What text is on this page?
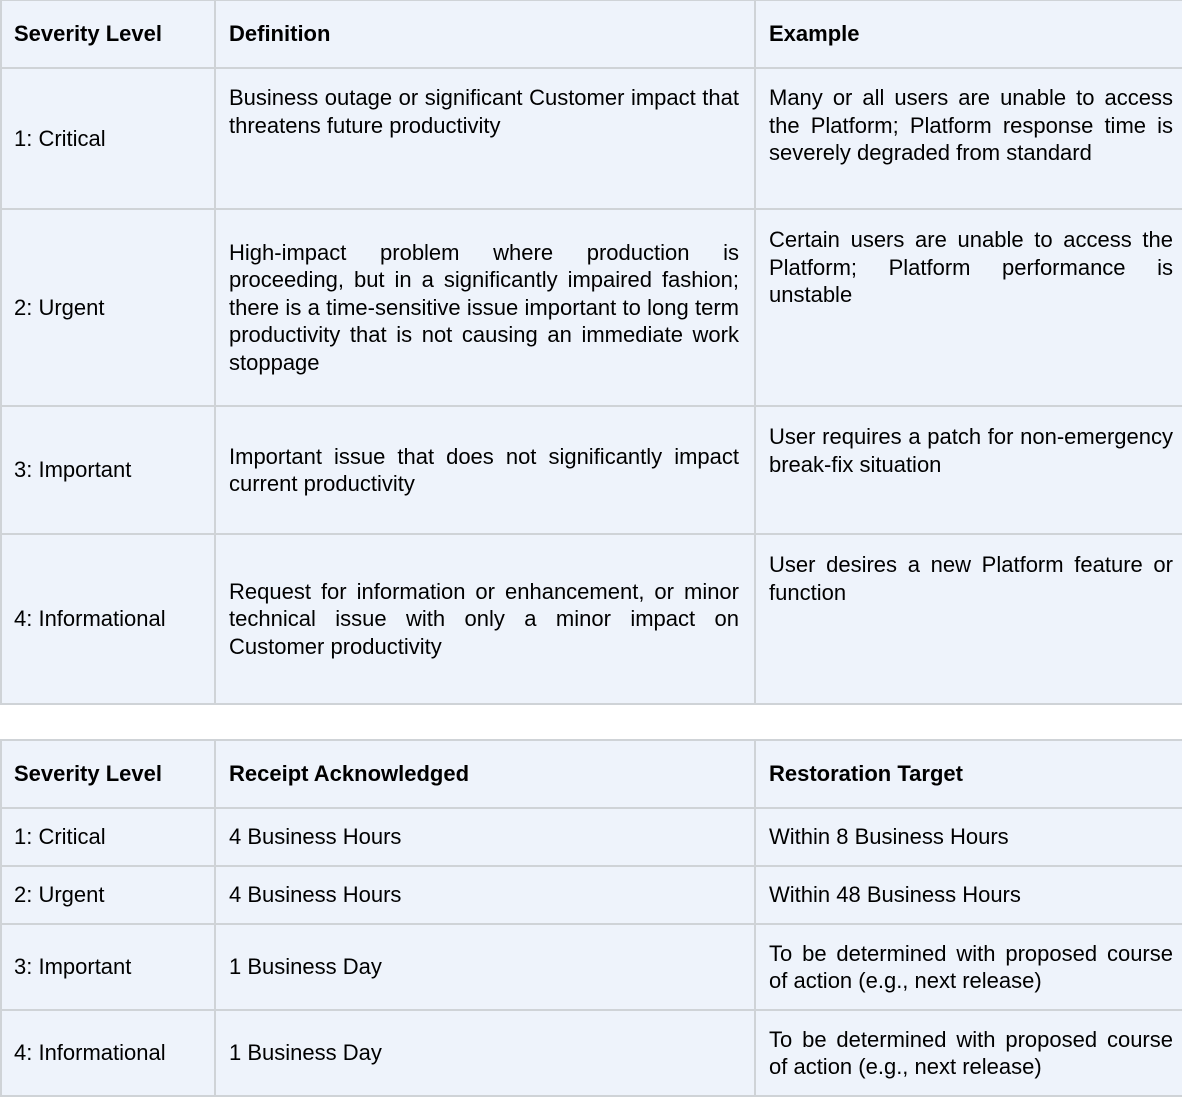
Severity Level	Definition	Example
1: Critical	Business outage or significant Customer impact that threatens future productivity	Many or all users are unable to access the Platform; Platform response time is severely degraded from standard
2: Urgent	High-impact problem where production is proceeding, but in a significantly impaired fashion; there is a time-sensitive issue important to long term productivity that is not causing an immediate work stoppage	Certain users are unable to access the Platform; Platform performance is unstable
3: Important	Important issue that does not significantly impact current productivity	User requires a patch for non-emergency break-fix situation
4: Informational	Request for information or enhancement, or minor technical issue with only a minor impact on Customer productivity	User desires a new Platform feature or function
Severity Level	Receipt Acknowledged	Restoration Target
1: Critical	4 Business Hours	Within 8 Business Hours
2: Urgent	4 Business Hours	Within 48 Business Hours
3: Important	1 Business Day	To be determined with proposed course of action (e.g., next release)
4: Informational	1 Business Day	To be determined with proposed course of action (e.g., next release)
